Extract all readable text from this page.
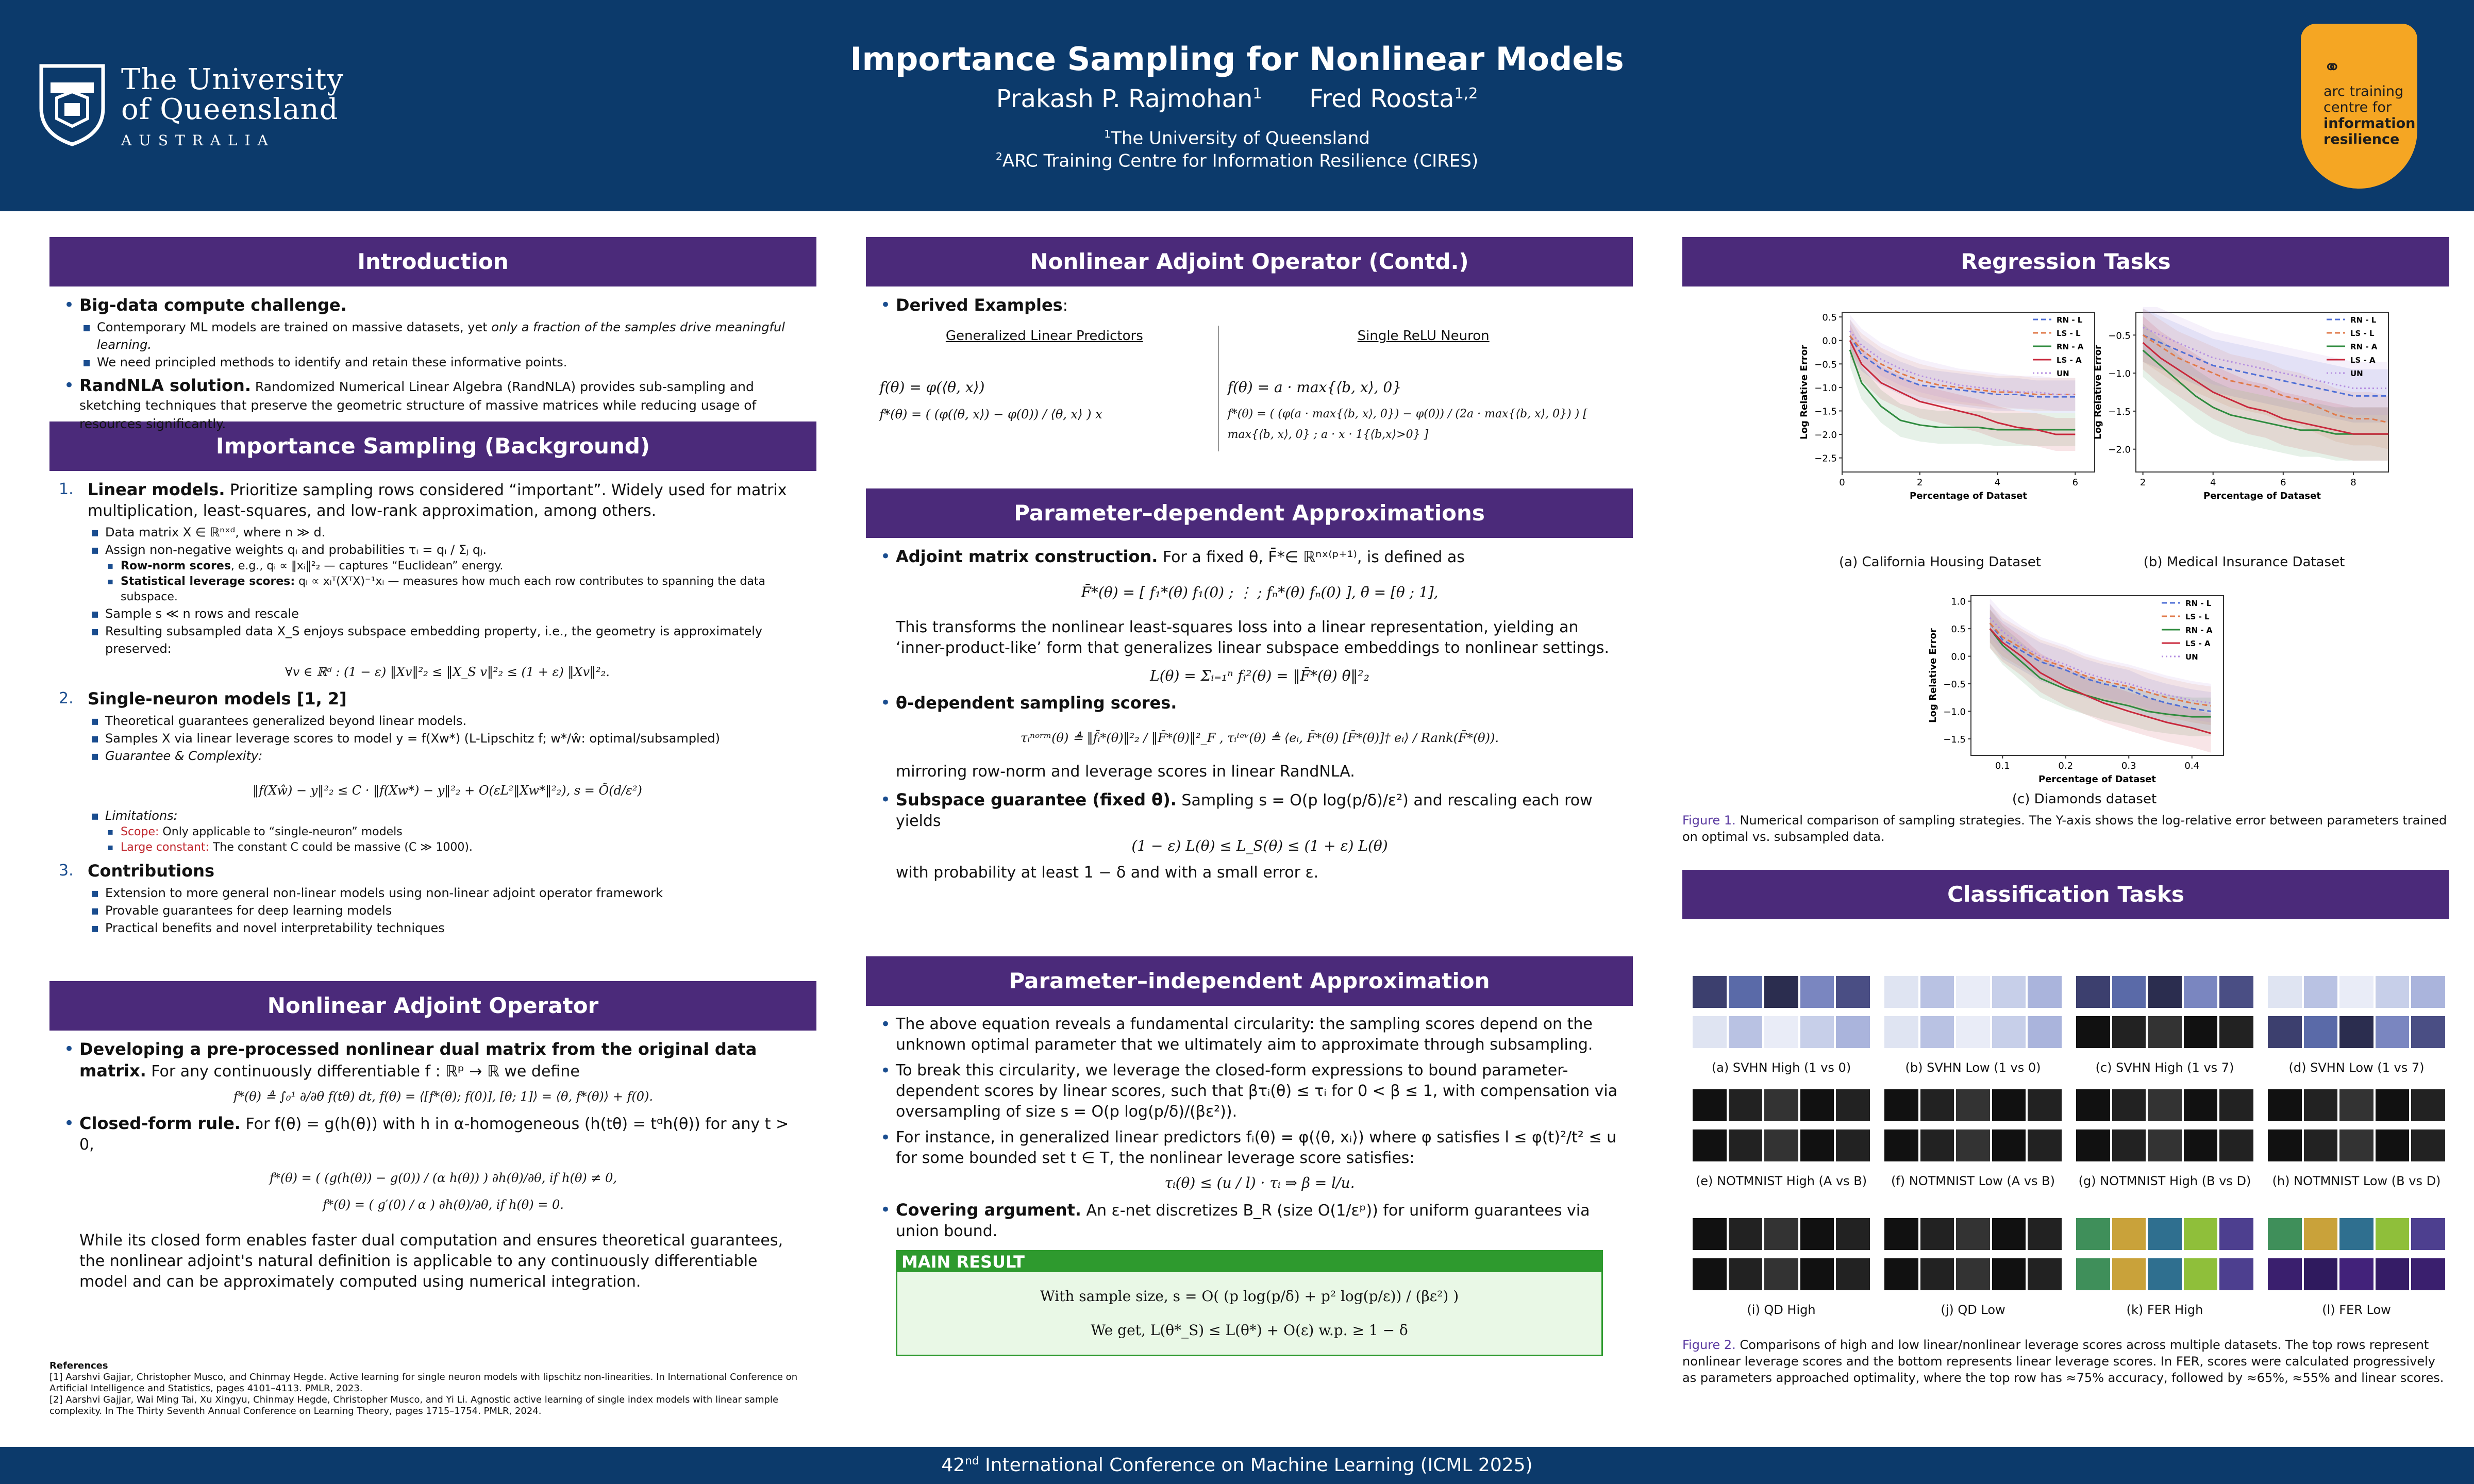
The University
of Queensland
AUSTRALIA
Importance Sampling for Nonlinear Models
Prakash P. Rajmohan$^1$ Fred Roosta$^{1,2}$
$^1$The University of Queensland
$^2$ARC Training Centre for Information Resilience (CIRES)
⚭
arc training
centre for
information
resilience
Introduction
• Big-data compute challenge.
▪ Contemporary ML models are trained on massive datasets, yet only a fraction of the samples drive meaningful learning.
▪ We need principled methods to identify and retain these informative points.
• RandNLA solution. Randomized Numerical Linear Algebra (RandNLA) provides sub-sampling and sketching techniques that preserve the geometric structure of massive matrices while reducing usage of resources significantly.
Importance Sampling (Background)
1. Linear models. Prioritize sampling rows considered “important”. Widely used for matrix multiplication, least-squares, and low-rank approximation, among others.
▪ Data matrix X ∈ ℝⁿˣᵈ, where n ≫ d.
▪ Assign non-negative weights qᵢ and probabilities τᵢ = qᵢ / Σⱼ qⱼ.
▪ Row-norm scores, e.g., qᵢ ∝ ‖xᵢ‖²₂ — captures “Euclidean” energy.
▪ Statistical leverage scores: qᵢ ∝ xᵢᵀ(XᵀX)⁻¹xᵢ — measures how much each row contributes to spanning the data subspace.
▪ Sample s ≪ n rows and rescale
▪ Resulting subsampled data X_S enjoys subspace embedding property, i.e., the geometry is approximately preserved:
∀v ∈ ℝᵈ : (1 − ε) ‖Xv‖²₂ ≤ ‖X_S v‖²₂ ≤ (1 + ε) ‖Xv‖²₂.
2. Single-neuron models [1, 2]
▪ Theoretical guarantees generalized beyond linear models.
▪ Samples X via linear leverage scores to model y = f(Xw*) (L-Lipschitz f; w*/ŵ: optimal/subsampled)
▪ Guarantee & Complexity:
‖f(Xŵ) − y‖²₂ ≤ C · ‖f(Xw*) − y‖²₂ + O(εL²‖Xw*‖²₂), s = Õ(d/ε²)
▪ Limitations:
▪ Scope: Only applicable to “single-neuron” models
▪ Large constant: The constant C could be massive (C ≫ 1000).
3. Contributions
▪ Extension to more general non-linear models using non-linear adjoint operator framework
▪ Provable guarantees for deep learning models
▪ Practical benefits and novel interpretability techniques
Nonlinear Adjoint Operator
• Developing a pre-processed nonlinear dual matrix from the original data matrix. For any continuously differentiable f : ℝᵖ → ℝ we define
f*(θ) ≜ ∫₀¹ ∂/∂θ f(tθ) dt, f(θ) = ⟨[f*(θ); f(0)], [θ; 1]⟩ = ⟨θ, f*(θ)⟩ + f(0).
• Closed-form rule. For f(θ) = g(h(θ)) with h in α-homogeneous (h(tθ) = tᵅh(θ)) for any t > 0,
f*(θ) = ( (g(h(θ)) − g(0)) / (α h(θ)) ) ∂h(θ)/∂θ, if h(θ) ≠ 0,
f*(θ) = ( g′(0) / α ) ∂h(θ)/∂θ, if h(θ) = 0.

While its closed form enables faster dual computation and ensures theoretical guarantees, the nonlinear adjoint's natural definition is applicable to any continuously differentiable model and can be approximately computed using numerical integration.

References
[1] Aarshvi Gajjar, Christopher Musco, and Chinmay Hegde. Active learning for single neuron models with lipschitz non-linearities. In International Conference on Artificial Intelligence and Statistics, pages 4101–4113. PMLR, 2023.
[2] Aarshvi Gajjar, Wai Ming Tai, Xu Xingyu, Chinmay Hegde, Christopher Musco, and Yi Li. Agnostic active learning of single index models with linear sample complexity. In The Thirty Seventh Annual Conference on Learning Theory, pages 1715–1754. PMLR, 2024.
Nonlinear Adjoint Operator (Contd.)
• Derived Examples:
Generalized Linear Predictors
f(θ) = φ(⟨θ, x⟩)
f*(θ) = ( (φ(⟨θ, x⟩) − φ(0)) / ⟨θ, x⟩ ) x
Single ReLU Neuron
f(θ) = a · max{⟨b, x⟩, 0}
f*(θ) = ( (φ(a · max{⟨b, x⟩, 0}) − φ(0)) / (2a · max{⟨b, x⟩, 0}) ) [ max{⟨b, x⟩, 0} ; a · x · 1{⟨b,x⟩>0} ]
Parameter–dependent Approximations
• Adjoint matrix construction. For a fixed θ, F̄*∈ ℝⁿˣ⁽ᵖ⁺¹⁾, is defined as
F̄*(θ) = [ f₁*(θ) f₁(0) ; ⋮ ; fₙ*(θ) fₙ(0) ], θ̄ = [θ ; 1],

This transforms the nonlinear least-squares loss into a linear representation, yielding an ‘inner-product-like’ form that generalizes linear subspace embeddings to nonlinear settings.

L(θ) = Σᵢ₌₁ⁿ fᵢ²(θ) = ‖F̄*(θ) θ̄‖²₂
• θ-dependent sampling scores.
τᵢⁿᵒʳᵐ(θ) ≜ ‖f̄ᵢ*(θ)‖²₂ / ‖F̄*(θ)‖²_F , τᵢˡᵉᵛ(θ) ≜ ⟨eᵢ, F̄*(θ) [F̄*(θ)]† eᵢ⟩ / Rank(F̄*(θ)).

mirroring row-norm and leverage scores in linear RandNLA.

• Subspace guarantee (fixed θ). Sampling s = O(p log(p/δ)/ε²) and rescaling each row yields
(1 − ε) L(θ) ≤ L_S(θ) ≤ (1 + ε) L(θ)

with probability at least 1 − δ and with a small error ε.

Parameter–independent Approximation
• The above equation reveals a fundamental circularity: the sampling scores depend on the unknown optimal parameter that we ultimately aim to approximate through subsampling.
• To break this circularity, we leverage the closed-form expressions to bound parameter-dependent scores by linear scores, such that βτᵢ(θ) ≤ τᵢ for 0 < β ≤ 1, with compensation via oversampling of size s = O(p log(p/δ)/(βε²)).
• For instance, in generalized linear predictors fᵢ(θ) = φ(⟨θ, xᵢ⟩) where φ satisfies l ≤ φ(t)²/t² ≤ u for some bounded set t ∈ T, the nonlinear leverage score satisfies:
τᵢ(θ) ≤ (u / l) · τᵢ ⇒ β = l/u.
• Covering argument. An ε-net discretizes B_R (size O(1/εᵖ)) for uniform guarantees via union bound.
MAIN RESULT
With sample size, s = O( (p log(p/δ) + p² log(p/ε)) / (βε²) )
We get, L(θ*_S) ≤ L(θ*) + O(ε) w.p. ≥ 1 − δ
Regression Tasks
0.5
0.0
−0.5
−1.0
−1.5
−2.0
−2.5
0	2	4	6
Percentage of Dataset
Log Relative Error
RN - L
LS - L
RN - A
LS - A
UN
(a) California Housing Dataset
−0.5
−1.0
−1.5
−2.0
2	4	6	8
Percentage of Dataset
Log Relative Error
RN - L
LS - L
RN - A
LS - A
UN
(b) Medical Insurance Dataset
1.0
0.5
0.0
−0.5
−1.0
−1.5
0.1	0.2	0.3	0.4
Percentage of Dataset
Log Relative Error
RN - L
LS - L
RN - A
LS - A
UN
(c) Diamonds dataset
Figure 1. Numerical comparison of sampling strategies. The Y-axis shows the log-relative error between parameters trained on optimal vs. subsampled data.
Classification Tasks
Figure 2. Comparisons of high and low linear/nonlinear leverage scores across multiple datasets. The top rows represent nonlinear leverage scores and the bottom represents linear leverage scores. In FER, scores were calculated progressively as parameters approached optimality, where the top row has ≈75% accuracy, followed by ≈65%, ≈55% and linear scores.
(a) SVHN High (1 vs 0)	(b) SVHN Low (1 vs 0)	(c) SVHN High (1 vs 7)	(d) SVHN Low (1 vs 7)
(e) NOTMNIST High (A vs B)	(f) NOTMNIST Low (A vs B)	(g) NOTMNIST High (B vs D)	(h) NOTMNIST Low (B vs D)
(i) QD High	(j) QD Low	(k) FER High	(l) FER Low
42nd International Conference on Machine Learning (ICML 2025)
